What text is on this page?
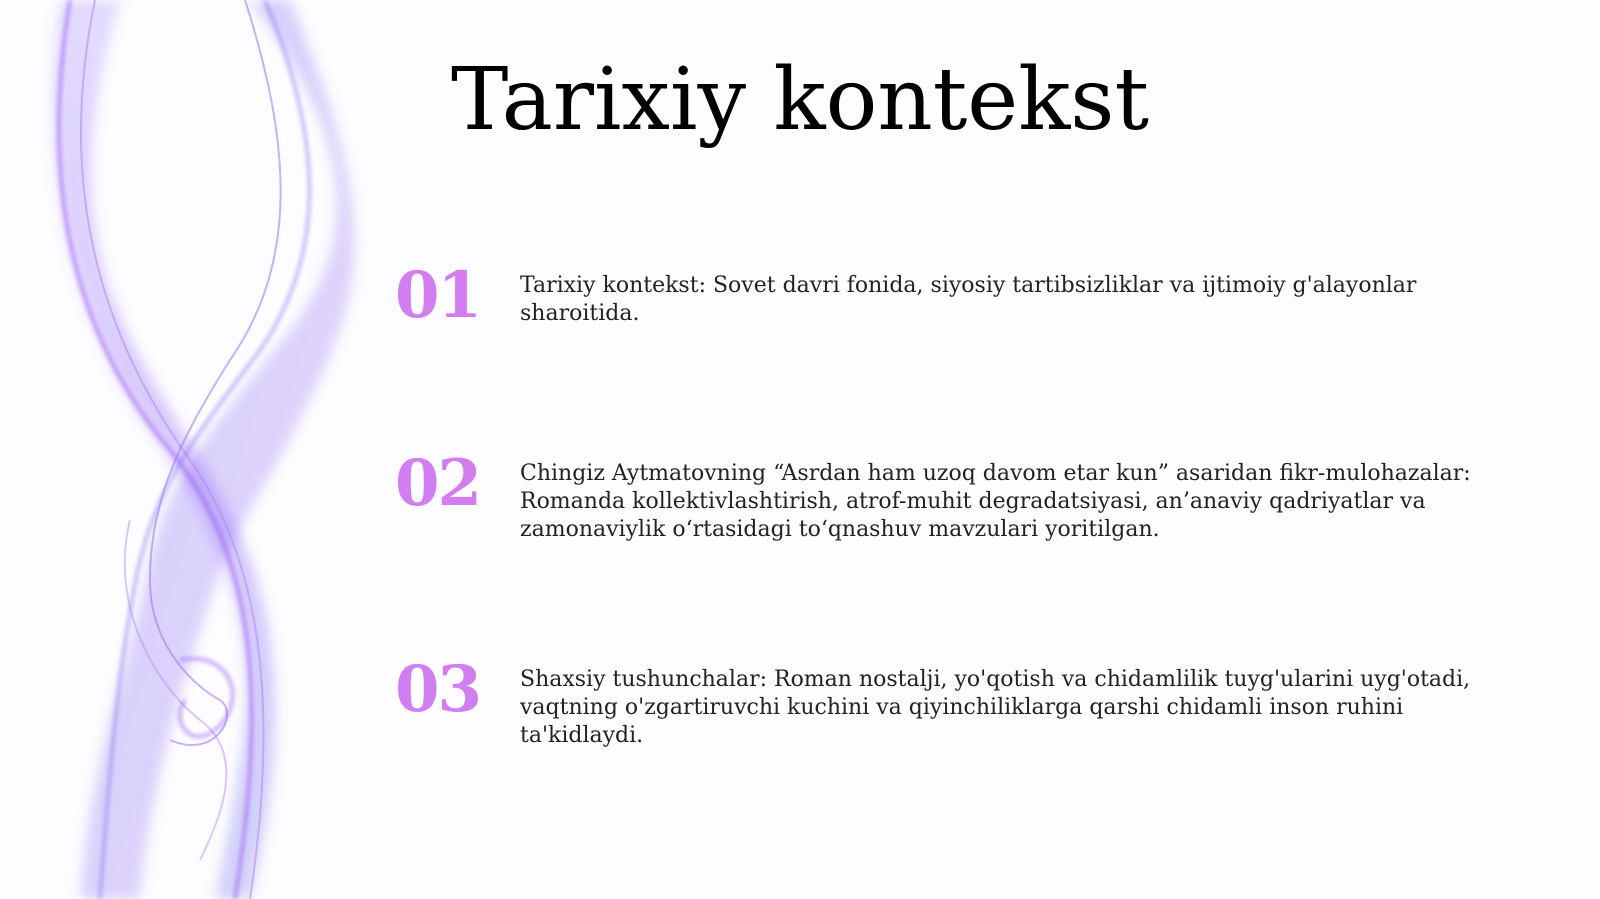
Tarixiy kontekst
01 Tarixiy kontekst: Sovet davri fonida, siyosiy tartibsizliklar va ijtimoiy g'alayonlar sharoitida.
02 Chingiz Aytmatovning “Asrdan ham uzoq davom etar kun” asaridan fikr-mulohazalar: Romanda kollektivlashtirish, atrof-muhit degradatsiyasi, an’anaviy qadriyatlar va zamonaviylik o‘rtasidagi to‘qnashuv mavzulari yoritilgan.
03 Shaxsiy tushunchalar: Roman nostalji, yo'qotish va chidamlilik tuyg'ularini uyg'otadi, vaqtning o'zgartiruvchi kuchini va qiyinchiliklarga qarshi chidamli inson ruhini ta'kidlaydi.
